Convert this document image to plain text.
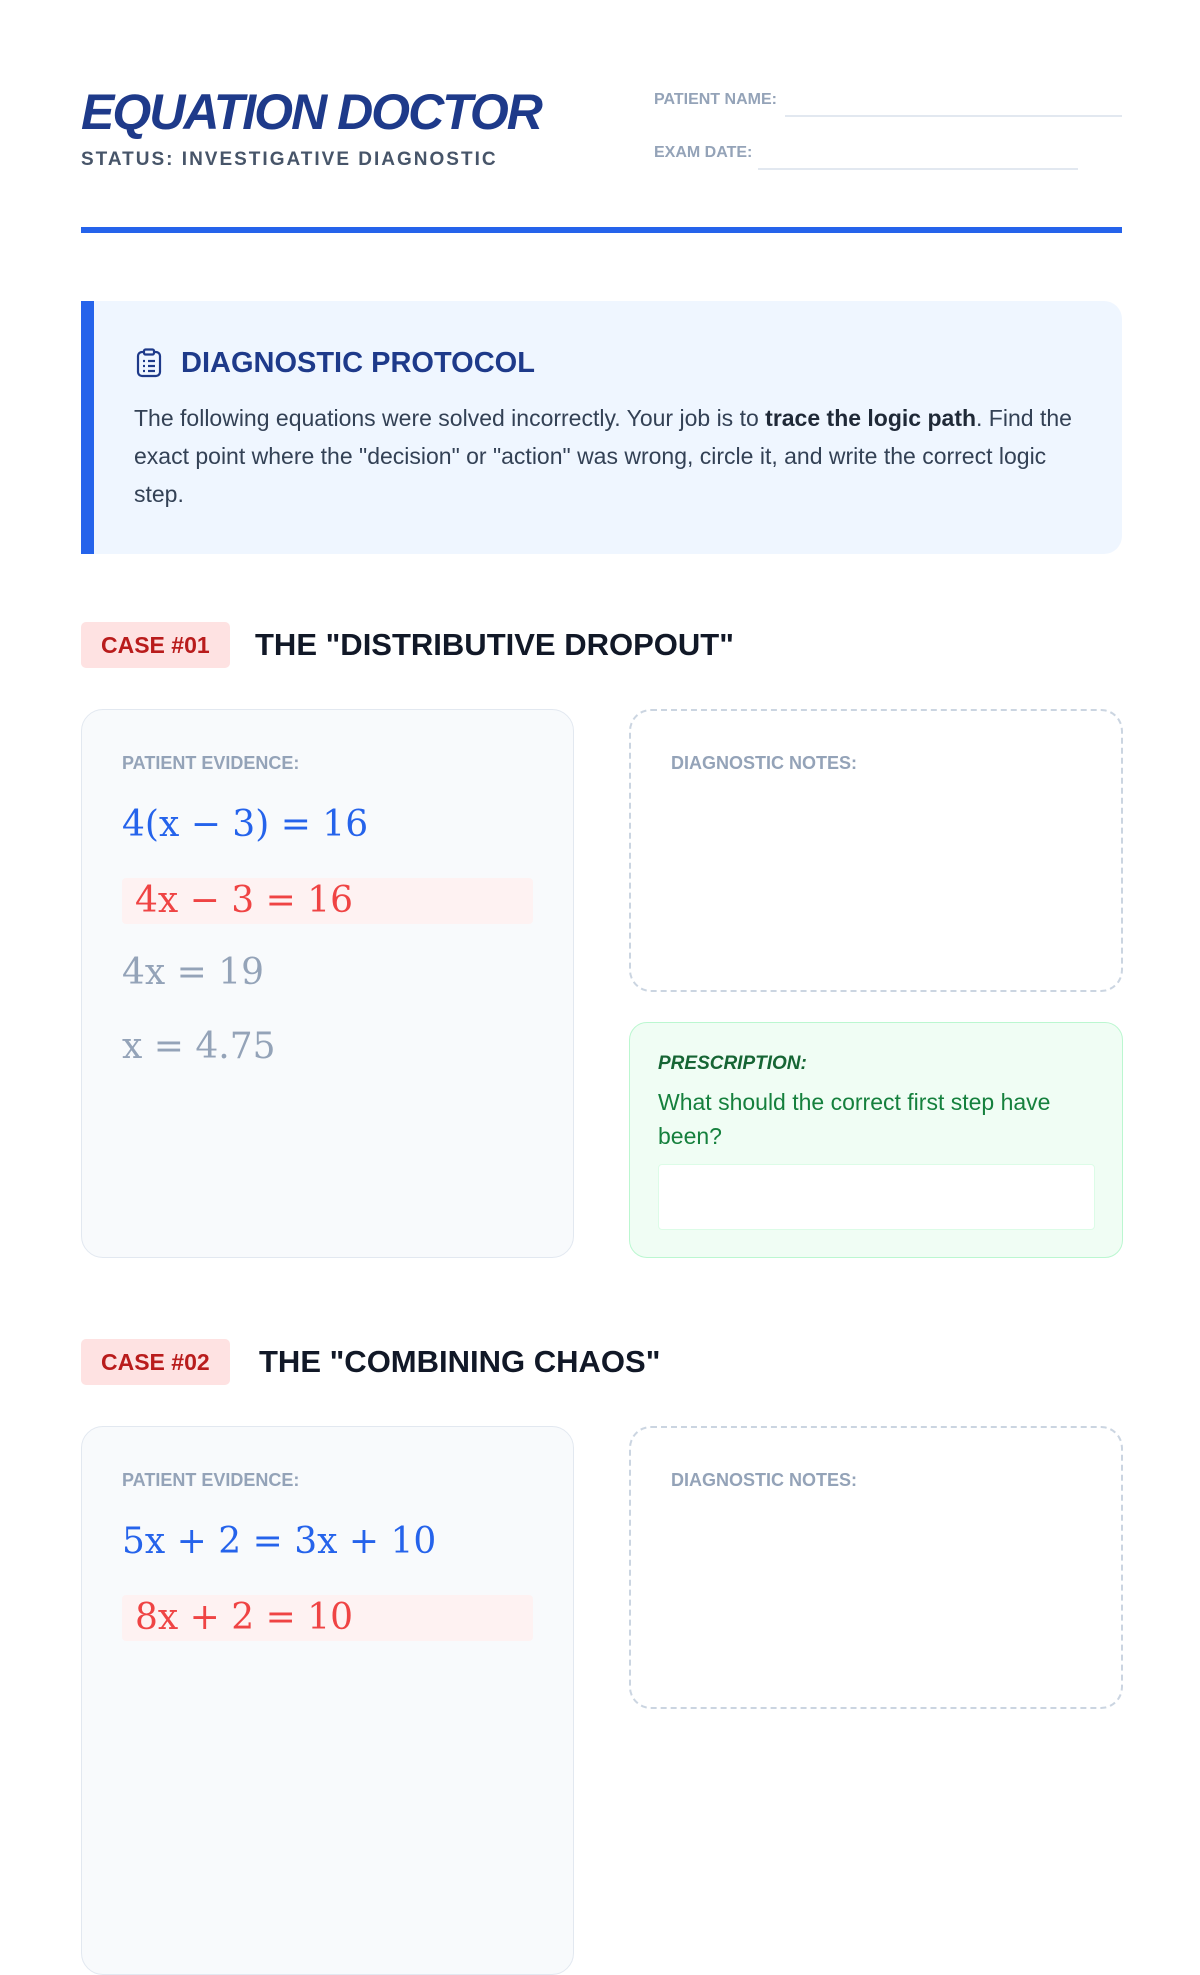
EQUATION DOCTOR
STATUS: INVESTIGATIVE DIAGNOSTIC
PATIENT NAME:
EXAM DATE:
DIAGNOSTIC PROTOCOL
The following equations were solved incorrectly. Your job is to trace the logic path. Find the exact point where the "decision" or "action" was wrong, circle it, and write the correct logic step.
CASE #01	THE "DISTRIBUTIVE DROPOUT"
PATIENT EVIDENCE:
4(x − 3) = 16
4x − 3 = 16
4x = 19
x = 4.75
DIAGNOSTIC NOTES:
PRESCRIPTION:
What should the correct first step have been?
CASE #02	THE "COMBINING CHAOS"
PATIENT EVIDENCE:
5x + 2 = 3x + 10
8x + 2 = 10
DIAGNOSTIC NOTES:
